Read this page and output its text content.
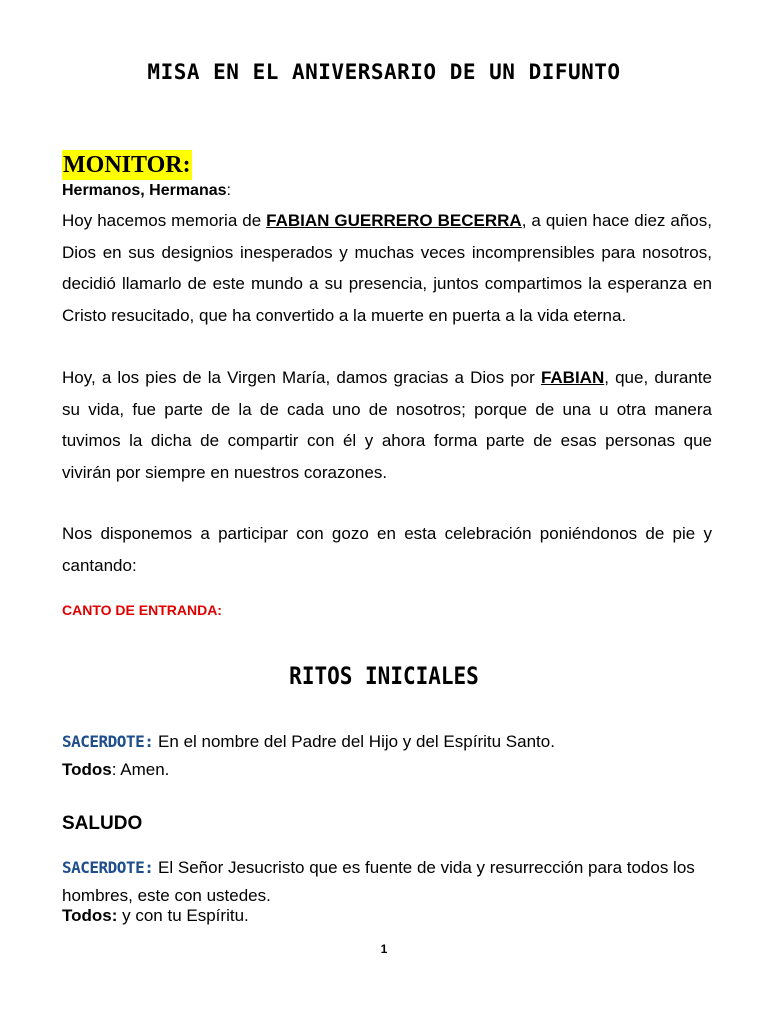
MISA EN EL ANIVERSARIO DE UN DIFUNTO
MONITOR:
Hermanos, Hermanas:
Hoy hacemos memoria de FABIAN GUERRERO BECERRA, a quien hace diez años, Dios en sus designios inesperados y muchas veces incomprensibles para nosotros, decidió llamarlo de este mundo a su presencia, juntos compartimos la esperanza en Cristo resucitado, que ha convertido a la muerte en puerta a la vida eterna.
Hoy, a los pies de la Virgen María, damos gracias a Dios por FABIAN, que, durante su vida, fue parte de la de cada uno de nosotros; porque de una u otra manera tuvimos la dicha de compartir con él y ahora forma parte de esas personas que vivirán por siempre en nuestros corazones.
Nos disponemos a participar con gozo en esta celebración poniéndonos de pie y cantando:
CANTO DE ENTRANDA:
RITOS INICIALES
SACERDOTE: En el nombre del Padre del Hijo y del Espíritu Santo.
Todos: Amen.
SALUDO
SACERDOTE: El Señor Jesucristo que es fuente de vida y resurrección para todos los hombres, este con ustedes.
Todos: y con tu Espíritu.
1
